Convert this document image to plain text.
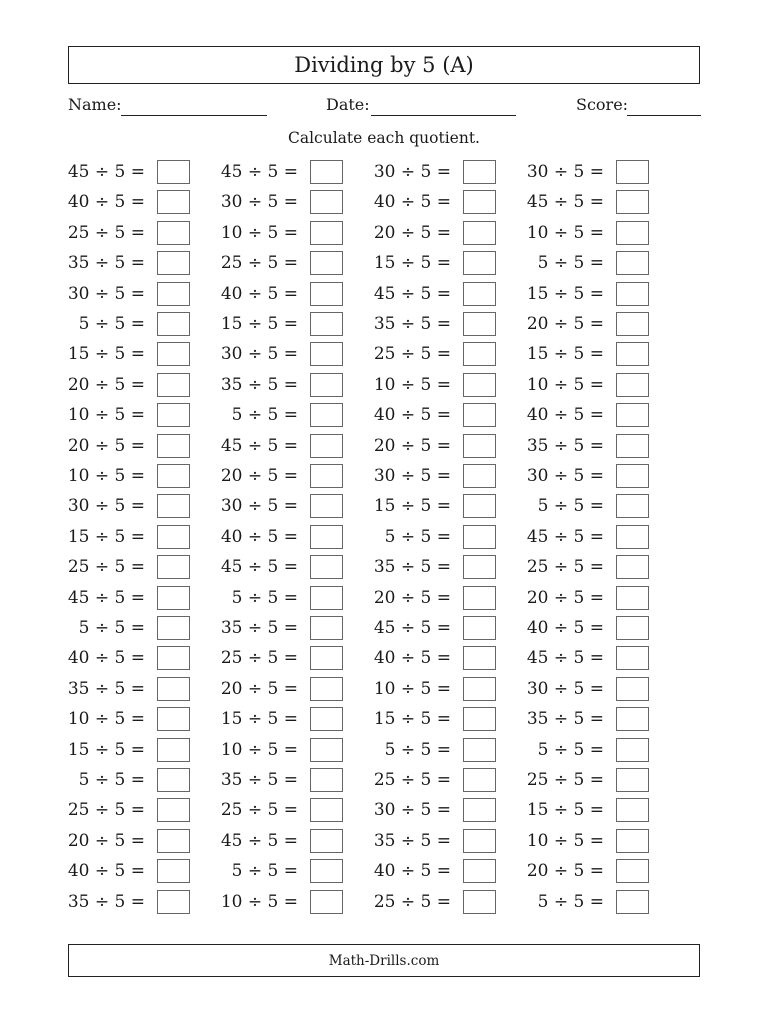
Dividing by 5 (A)
Name:	Date:	Score:
Calculate each quotient.
45 ÷ 5 =	45 ÷ 5 =	30 ÷ 5 =	30 ÷ 5 =
40 ÷ 5 =	30 ÷ 5 =	40 ÷ 5 =	45 ÷ 5 =
25 ÷ 5 =	10 ÷ 5 =	20 ÷ 5 =	10 ÷ 5 =
35 ÷ 5 =	25 ÷ 5 =	15 ÷ 5 =	5 ÷ 5 =
30 ÷ 5 =	40 ÷ 5 =	45 ÷ 5 =	15 ÷ 5 =
5 ÷ 5 =	15 ÷ 5 =	35 ÷ 5 =	20 ÷ 5 =
15 ÷ 5 =	30 ÷ 5 =	25 ÷ 5 =	15 ÷ 5 =
20 ÷ 5 =	35 ÷ 5 =	10 ÷ 5 =	10 ÷ 5 =
10 ÷ 5 =	5 ÷ 5 =	40 ÷ 5 =	40 ÷ 5 =
20 ÷ 5 =	45 ÷ 5 =	20 ÷ 5 =	35 ÷ 5 =
10 ÷ 5 =	20 ÷ 5 =	30 ÷ 5 =	30 ÷ 5 =
30 ÷ 5 =	30 ÷ 5 =	15 ÷ 5 =	5 ÷ 5 =
15 ÷ 5 =	40 ÷ 5 =	5 ÷ 5 =	45 ÷ 5 =
25 ÷ 5 =	45 ÷ 5 =	35 ÷ 5 =	25 ÷ 5 =
45 ÷ 5 =	5 ÷ 5 =	20 ÷ 5 =	20 ÷ 5 =
5 ÷ 5 =	35 ÷ 5 =	45 ÷ 5 =	40 ÷ 5 =
40 ÷ 5 =	25 ÷ 5 =	40 ÷ 5 =	45 ÷ 5 =
35 ÷ 5 =	20 ÷ 5 =	10 ÷ 5 =	30 ÷ 5 =
10 ÷ 5 =	15 ÷ 5 =	15 ÷ 5 =	35 ÷ 5 =
15 ÷ 5 =	10 ÷ 5 =	5 ÷ 5 =	5 ÷ 5 =
5 ÷ 5 =	35 ÷ 5 =	25 ÷ 5 =	25 ÷ 5 =
25 ÷ 5 =	25 ÷ 5 =	30 ÷ 5 =	15 ÷ 5 =
20 ÷ 5 =	45 ÷ 5 =	35 ÷ 5 =	10 ÷ 5 =
40 ÷ 5 =	5 ÷ 5 =	40 ÷ 5 =	20 ÷ 5 =
35 ÷ 5 =	10 ÷ 5 =	25 ÷ 5 =	5 ÷ 5 =
Math-Drills.com
